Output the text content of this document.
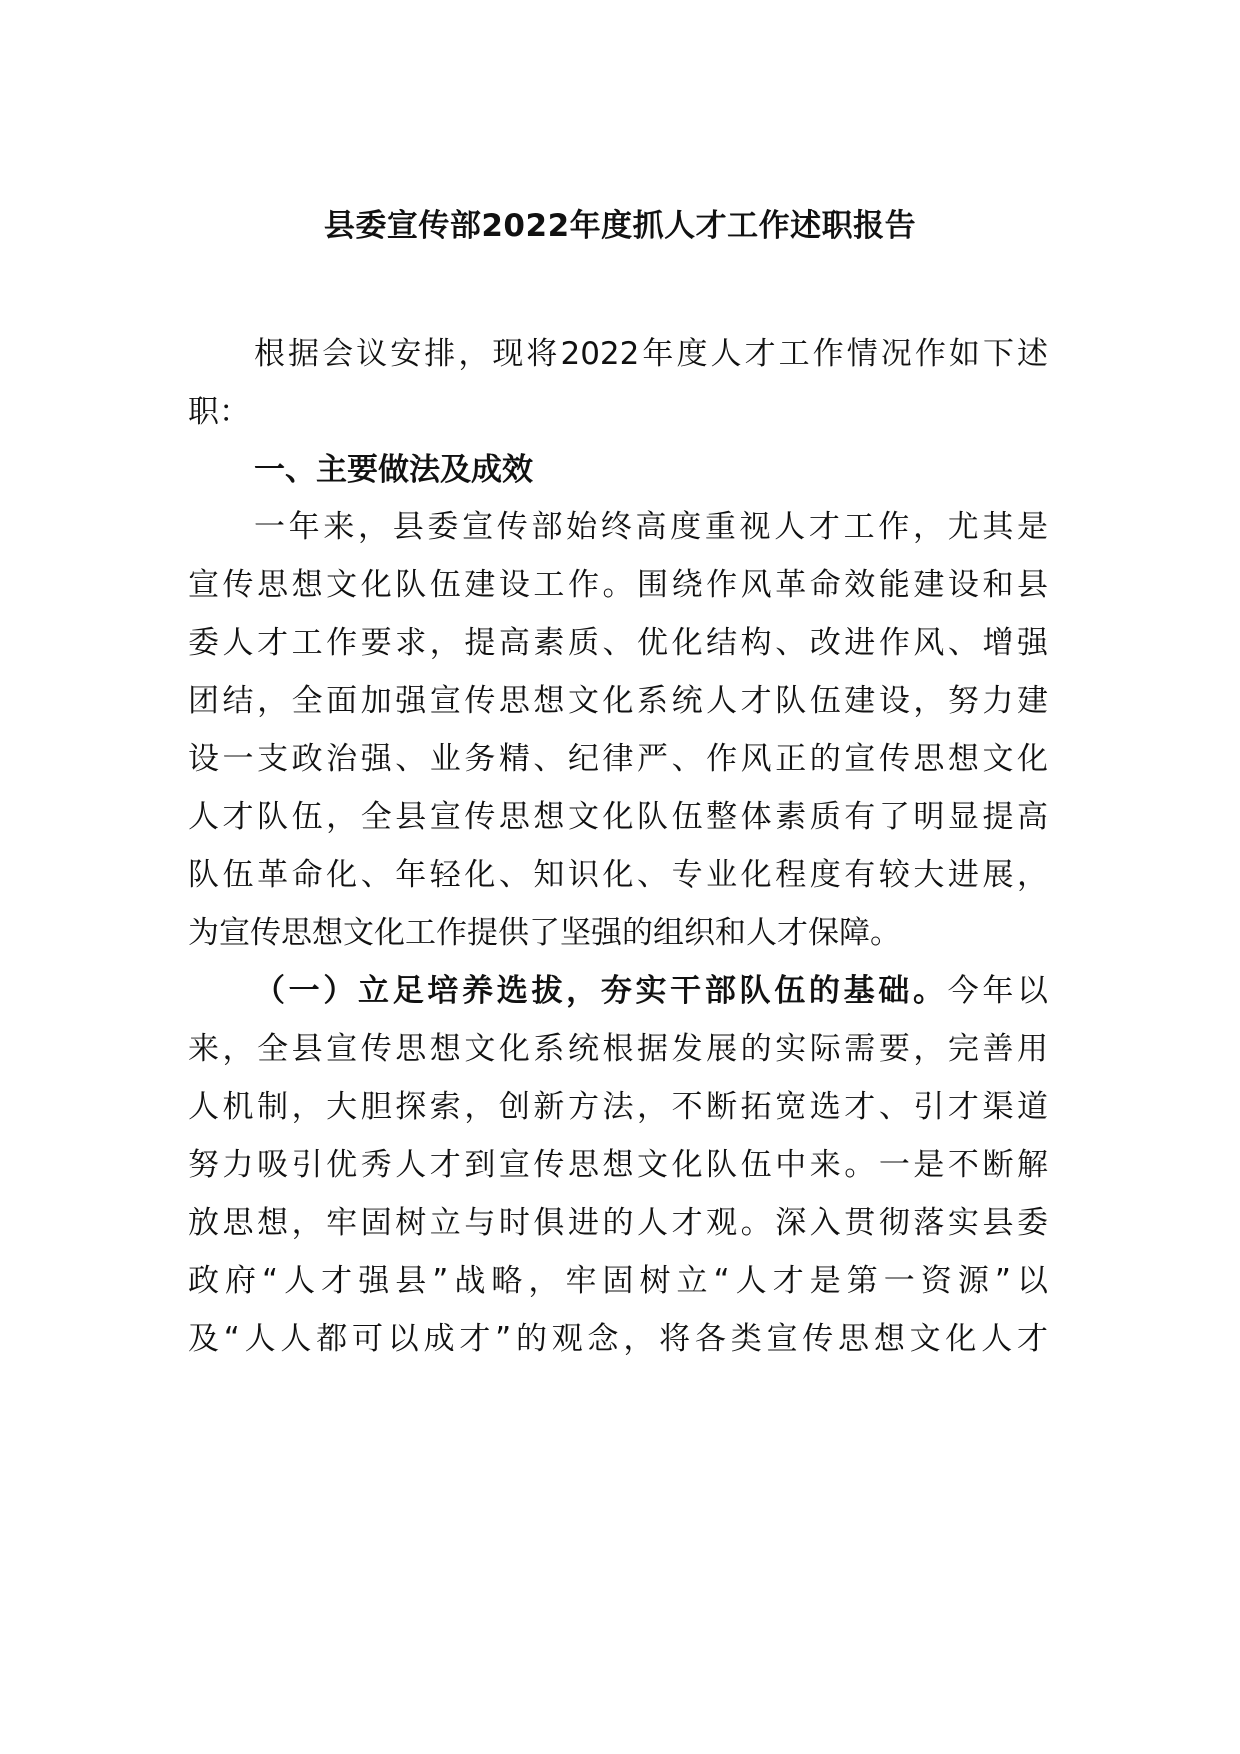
县委宣传部2022年度抓人才工作述职报告
根据会议安排，现将2022年度人才工作情况作如下述
职：
一、主要做法及成效
一年来，县委宣传部始终高度重视人才工作，尤其是
宣传思想文化队伍建设工作。围绕作风革命效能建设和县
委人才工作要求，提高素质、优化结构、改进作风、增强
团结，全面加强宣传思想文化系统人才队伍建设，努力建
设一支政治强、业务精、纪律严、作风正的宣传思想文化
人才队伍，全县宣传思想文化队伍整体素质有了明显提高
队伍革命化、年轻化、知识化、专业化程度有较大进展，
为宣传思想文化工作提供了坚强的组织和人才保障。
（一）立足培养选拔，夯实干部队伍的基础。今年以
来，全县宣传思想文化系统根据发展的实际需要，完善用
人机制，大胆探索，创新方法，不断拓宽选才、引才渠道
努力吸引优秀人才到宣传思想文化队伍中来。一是不断解
放思想，牢固树立与时俱进的人才观。深入贯彻落实县委
政府“人才强县”战略，牢固树立“人才是第一资源”以
及“人人都可以成才”的观念，将各类宣传思想文化人才
